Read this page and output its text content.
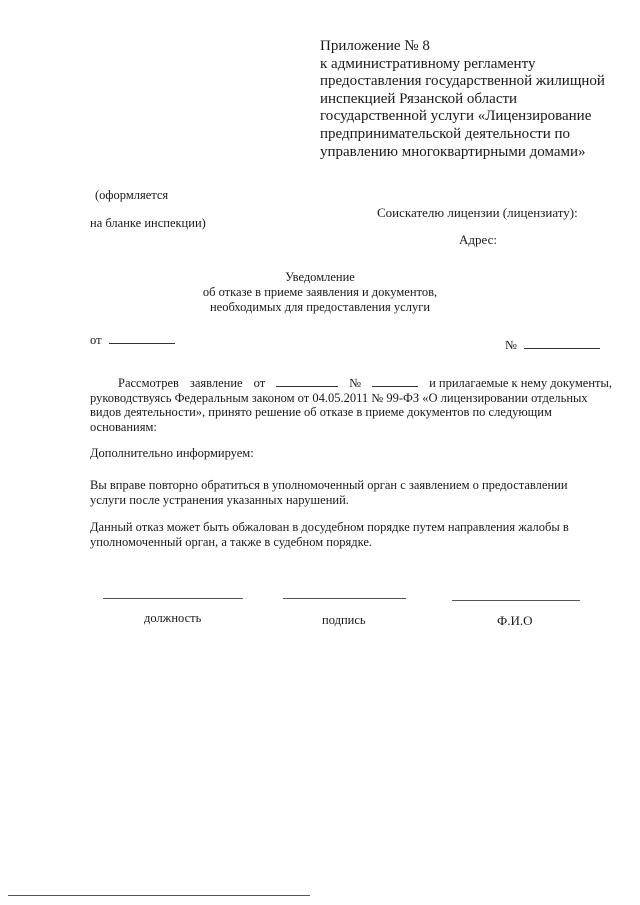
Приложение № 8
к административному регламенту
предоставления государственной жилищной
инспекцией Рязанской области
государственной услуги «Лицензирование
предпринимательской деятельности по
управлению многоквартирными домами»
(оформляется
на бланке инспекции)
Соискателю лицензии (лицензиату):
Адрес:
Уведомление
об отказе в приеме заявления и документов,
необходимых для предоставления услуги
от	№
Рассмотрев заявление от	№	и прилагаемые к нему документы,
руководствуясь Федеральным законом от 04.05.2011 № 99-ФЗ «О лицензировании отдельных
видов деятельности», принято решение об отказе в приеме документов по следующим
основаниям:
Дополнительно информируем:
Вы вправе повторно обратиться в уполномоченный орган с заявлением о предоставлении
услуги после устранения указанных нарушений.
Данный отказ может быть обжалован в досудебном порядке путем направления жалобы в
уполномоченный орган, а также в судебном порядке.
должность	подпись	Ф.И.О
